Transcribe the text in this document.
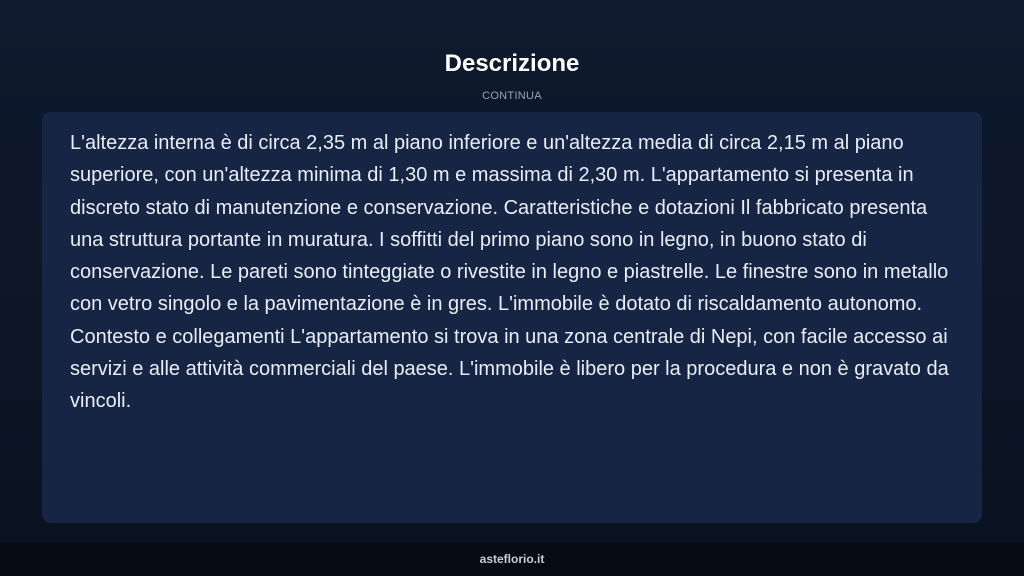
Descrizione
CONTINUA

L'altezza interna è di circa 2,35 m al piano inferiore e un'altezza media di circa 2,15 m al piano superiore, con un'altezza minima di 1,30 m e massima di 2,30 m. L'appartamento si presenta in discreto stato di manutenzione e conservazione. Caratteristiche e dotazioni Il fabbricato presenta una struttura portante in muratura. I soffitti del primo piano sono in legno, in buono stato di conservazione. Le pareti sono tinteggiate o rivestite in legno e piastrelle. Le finestre sono in metallo con vetro singolo e la pavimentazione è in gres. L'immobile è dotato di riscaldamento autonomo. Contesto e collegamenti L'appartamento si trova in una zona centrale di Nepi, con facile accesso ai servizi e alle attività commerciali del paese. L'immobile è libero per la procedura e non è gravato da vincoli.

asteflorio.it
